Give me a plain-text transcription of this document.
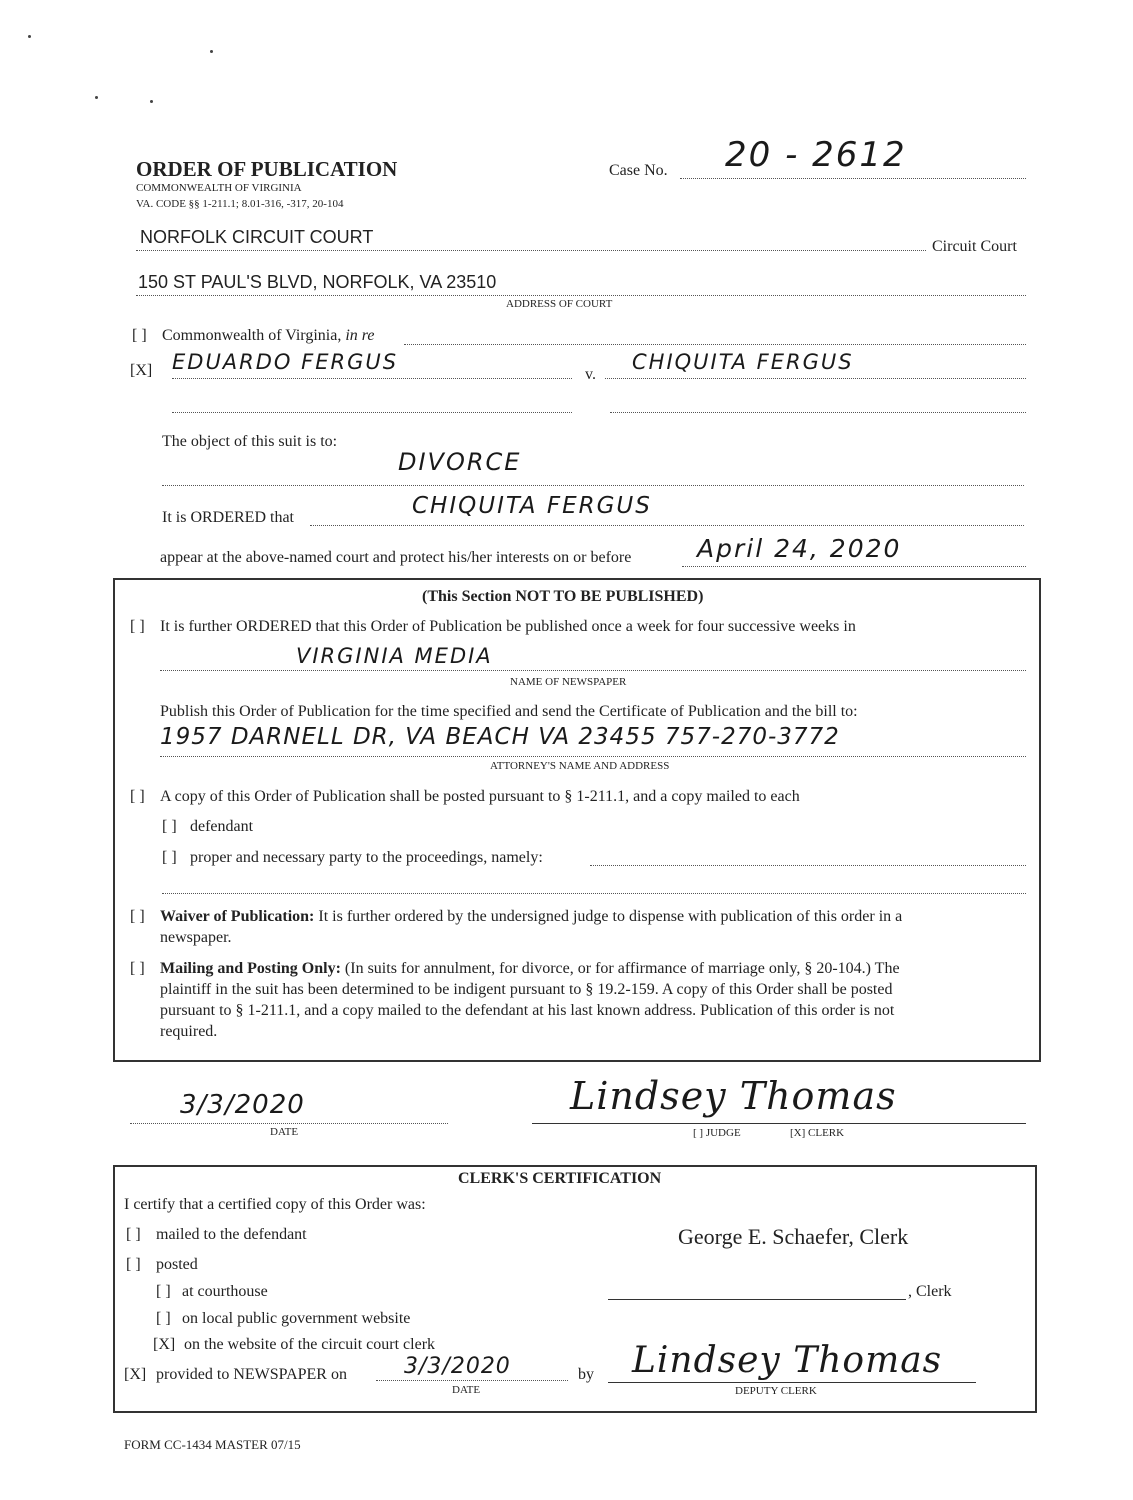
ORDER OF PUBLICATION
COMMONWEALTH OF VIRGINIA
VA. CODE §§ 1-211.1; 8.01-316, -317, 20-104
Case No. 20 - 2612
NORFOLK CIRCUIT COURT	Circuit Court
150 ST PAUL'S BLVD, NORFOLK, VA 23510
ADDRESS OF COURT
[ ] Commonwealth of Virginia, in re
[X] EDUARDO FERGUS
v.
CHIQUITA FERGUS
The object of this suit is to:
DIVORCE
It is ORDERED that	CHIQUITA FERGUS
appear at the above-named court and protect his/her interests on or before	April 24, 2020
(This Section NOT TO BE PUBLISHED)
[ ] It is further ORDERED that this Order of Publication be published once a week for four successive weeks in
VIRGINIA MEDIA
NAME OF NEWSPAPER
Publish this Order of Publication for the time specified and send the Certificate of Publication and the bill to:
1957 DARNELL DR, VA BEACH VA 23455 757-270-3772
ATTORNEY'S NAME AND ADDRESS
[ ] A copy of this Order of Publication shall be posted pursuant to § 1-211.1, and a copy mailed to each
[ ] defendant
[ ] proper and necessary party to the proceedings, namely:
[ ] Waiver of Publication: It is further ordered by the undersigned judge to dispense with publication of this order in a
newspaper.
[ ] Mailing and Posting Only: (In suits for annulment, for divorce, or for affirmance of marriage only, § 20-104.) The
plaintiff in the suit has been determined to be indigent pursuant to § 19.2-159. A copy of this Order shall be posted
pursuant to § 1-211.1, and a copy mailed to the defendant at his last known address. Publication of this order is not
required.
3/3/2020
DATE
Lindsey Thomas
[ ] JUDGE	[X] CLERK
CLERK'S CERTIFICATION
I certify that a certified copy of this Order was:
[ ] mailed to the defendant	George E. Schaefer, Clerk
[ ] posted
[ ] at courthouse	, Clerk
[ ] on local public government website
[X] on the website of the circuit court clerk
[X] provided to NEWSPAPER on	3/3/2020
DATE
by Lindsey Thomas
DEPUTY CLERK
FORM CC-1434 MASTER 07/15
